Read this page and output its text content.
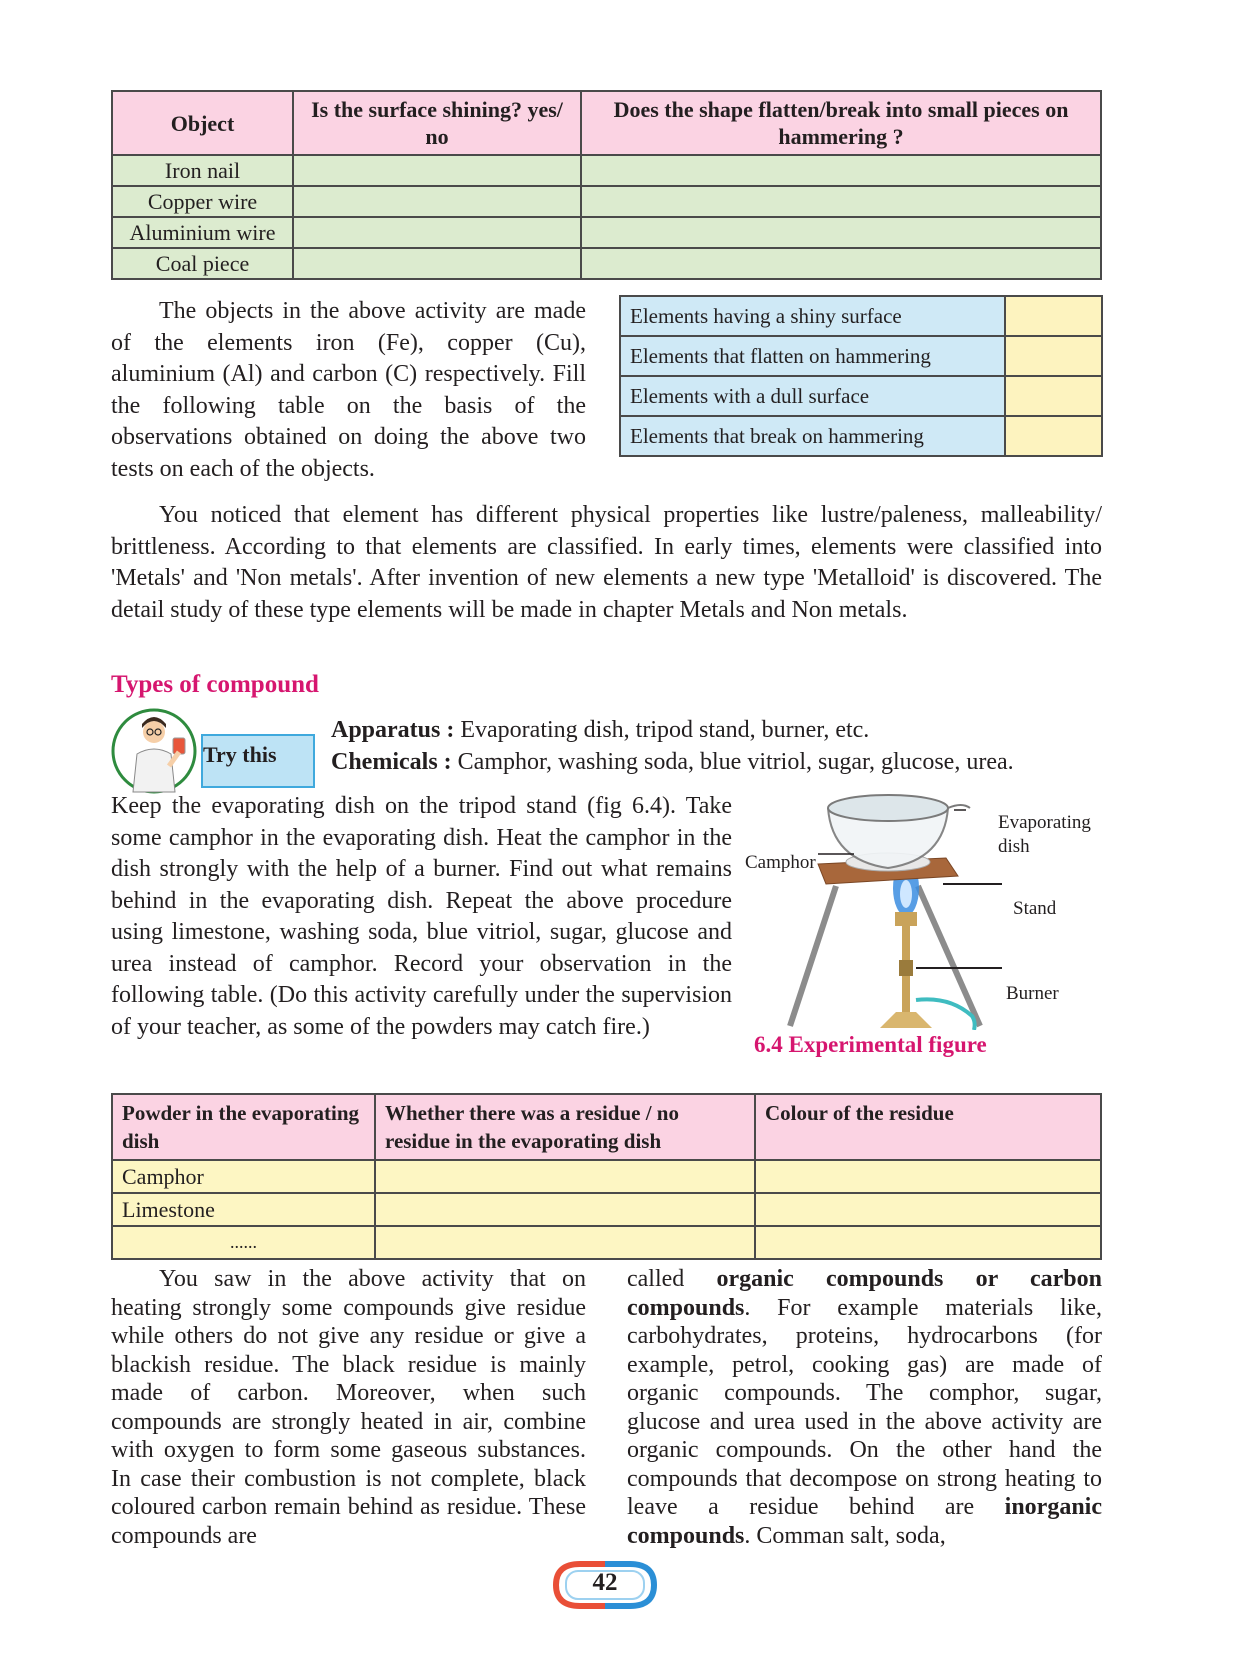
Object	Is the surface shining? yes/ no	Does the shape flatten/break into small pieces on hammering ?
Iron nail		
Copper wire		
Aluminium wire		
Coal piece		
The objects in the above activity are made of the elements iron (Fe), copper (Cu), aluminium (Al) and carbon (C) respectively. Fill the following table on the basis of the observations obtained on doing the above two tests on each of the objects.
Elements having a shiny surface	
Elements that flatten on hammering	
Elements with a dull surface	
Elements that break on hammering	
You noticed that element has different physical properties like lustre/paleness, malleability/ brittleness. According to that elements are classified. In early times, elements were classified into 'Metals' and 'Non metals'. After invention of new elements a new type 'Metalloid' is discovered. The detail study of these type elements will be made in chapter Metals and Non metals.
Types of compound
Try this
Apparatus : Evaporating dish, tripod stand, burner, etc.
Chemicals : Camphor, washing soda, blue vitriol, sugar, glucose, urea.
Keep the evaporating dish on the tripod stand (fig 6.4). Take some camphor in the evaporating dish. Heat the camphor in the dish strongly with the help of a burner. Find out what remains behind in the evaporating dish. Repeat the above procedure using limestone, washing soda, blue vitriol, sugar, glucose and urea instead of camphor. Record your observation in the following table. (Do this activity carefully under the supervision of your teacher, as some of the powders may catch fire.)
Evaporating dish
Camphor
Stand
Burner
6.4 Experimental figure
Powder in the evaporating dish	Whether there was a residue / no residue in the evaporating dish	Colour of the residue
Camphor		
Limestone		
......		
You saw in the above activity that on heating strongly some compounds give residue while others do not give any residue or give a blackish residue. The black residue is mainly made of carbon. Moreover, when such compounds are strongly heated in air, combine with oxygen to form some gaseous substances. In case their combustion is not complete, black coloured carbon remain behind as residue. These compounds are
called organic compounds or carbon compounds. For example materials like, carbohydrates, proteins, hydrocarbons (for example, petrol, cooking gas) are made of organic compounds. The comphor, sugar, glucose and urea used in the above activity are organic compounds. On the other hand the compounds that decompose on strong heating to leave a residue behind are inorganic compounds. Comman salt, soda,
42
